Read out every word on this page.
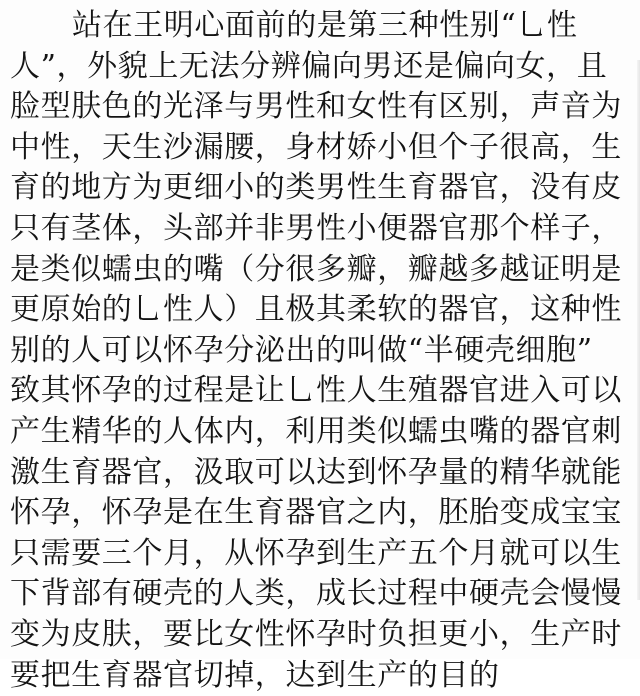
站在王明心面前的是第三种性别“乚性
人”，外貌上无法分辨偏向男还是偏向女，且
脸型肤色的光泽与男性和女性有区别，声音为
中性，天生沙漏腰，身材娇小但个子很高，生
育的地方为更细小的类男性生育器官，没有皮
只有茎体，头部并非男性小便器官那个样子，
是类似蠕虫的嘴（分很多瓣，瓣越多越证明是
更原始的乚性人）且极其柔软的器官，这种性
别的人可以怀孕分泌出的叫做“半硬壳细胞”
致其怀孕的过程是让乚性人生殖器官进入可以
产生精华的人体内，利用类似蠕虫嘴的器官刺
激生育器官，汲取可以达到怀孕量的精华就能
怀孕，怀孕是在生育器官之内，胚胎变成宝宝
只需要三个月，从怀孕到生产五个月就可以生
下背部有硬壳的人类，成长过程中硬壳会慢慢
变为皮肤，要比女性怀孕时负担更小，生产时
要把生育器官切掉，达到生产的目的
